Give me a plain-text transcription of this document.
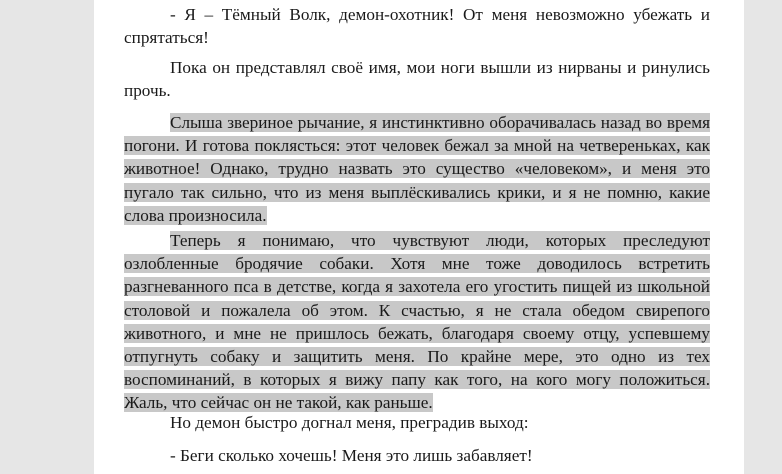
- Я – Тёмный Волк, демон-охотник! От меня невозможно убежать и спрятаться!

Пока он представлял своё имя, мои ноги вышли из нирваны и ринулись прочь.

Слыша звериное рычание, я инстинктивно оборачивалась назад во время погони. И готова поклясться: этот человек бежал за мной на четвереньках, как животное! Однако, трудно назвать это существо «человеком», и меня это пугало так сильно, что из меня выплёскивались крики, и я не помню, какие слова произносила.

Теперь я понимаю, что чувствуют люди, которых преследуют озлобленные бродячие собаки. Хотя мне тоже доводилось встретить разгневанного пса в детстве, когда я захотела его угостить пищей из школьной столовой и пожалела об этом. К счастью, я не стала обедом свирепого животного, и мне не пришлось бежать, благодаря своему отцу, успевшему отпугнуть собаку и защитить меня. По крайне мере, это одно из тех воспоминаний, в которых я вижу папу как того, на кого могу положиться. Жаль, что сейчас он не такой, как раньше.

Но демон быстро догнал меня, преградив выход:

- Беги сколько хочешь! Меня это лишь забавляет!
